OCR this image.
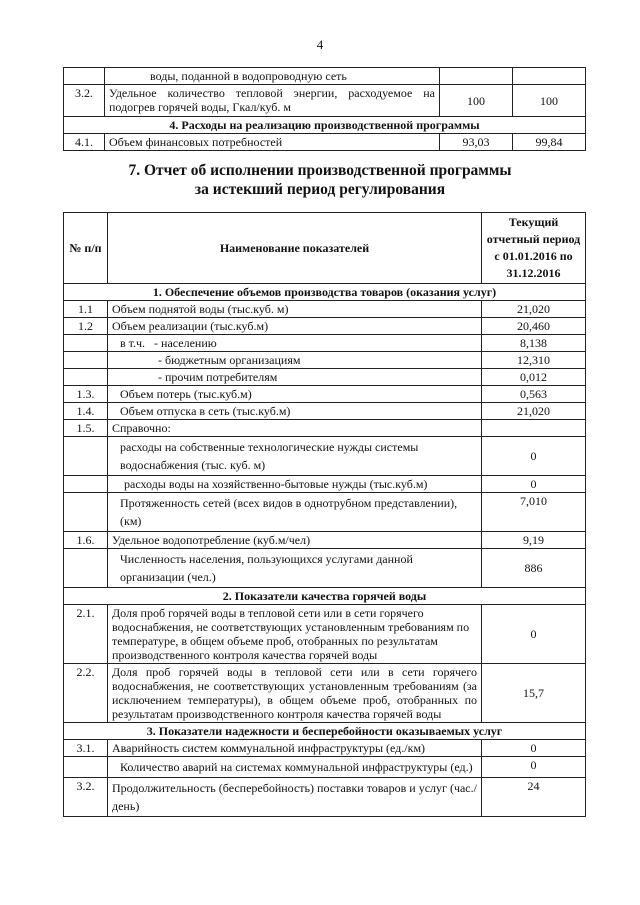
4
	воды, поданной в водопроводную сеть		
3.2.	Удельное количество тепловой энергии, расходуемое на подогрев горячей воды, Гкал/куб. м	100	100
4. Расходы на реализацию производственной программы			
4.1.	Объем финансовых потребностей	93,03	99,84
7. Отчет об исполнении производственной программы
за истекший период регулирования
№ п/п	Наименование показателей	Текущий отчетный период с 01.01.2016 по 31.12.2016
1. Обеспечение объемов производства товаров (оказания услуг)		
1.1	Объем поднятой воды (тыс.куб. м)	21,020
1.2	Объем реализации (тыс.куб.м)	20,460
	в т.ч.   - населению	8,138
	- бюджетным организациям	12,310
	- прочим потребителям	0,012
1.3.	Объем потерь (тыс.куб.м)	0,563
1.4.	Объем отпуска в сеть (тыс.куб.м)	21,020
1.5.	Справочно:	
	расходы на собственные технологические нужды системы водоснабжения (тыс. куб. м)	0
	расходы воды на хозяйственно-бытовые нужды (тыс.куб.м)	0
	Протяженность сетей (всех видов в однотрубном представлении), (км)	7,010
1.6.	Удельное водопотребление (куб.м/чел)	9,19
	Численность населения, пользующихся услугами данной организации (чел.)	886
2. Показатели качества горячей воды		
2.1.	Доля проб горячей воды в тепловой сети или в сети горячего водоснабжения, не соответствующих установленным требованиям по температуре, в общем объеме проб, отобранных по результатам производственного контроля качества горячей воды	0
2.2.	Доля проб горячей воды в тепловой сети или в сети горячего водоснабжения, не соответствующих установленным требованиям (за исключением температуры), в общем объеме проб, отобранных по результатам производственного контроля качества горячей воды	15,7
3. Показатели надежности и бесперебойности оказываемых услуг		
3.1.	Аварийность систем коммунальной инфраструктуры (ед./км)	0
	Количество аварий на системах коммунальной инфраструктуры (ед.)	0
3.2.	Продолжительность (бесперебойность) поставки товаров и услуг (час./день)	24
